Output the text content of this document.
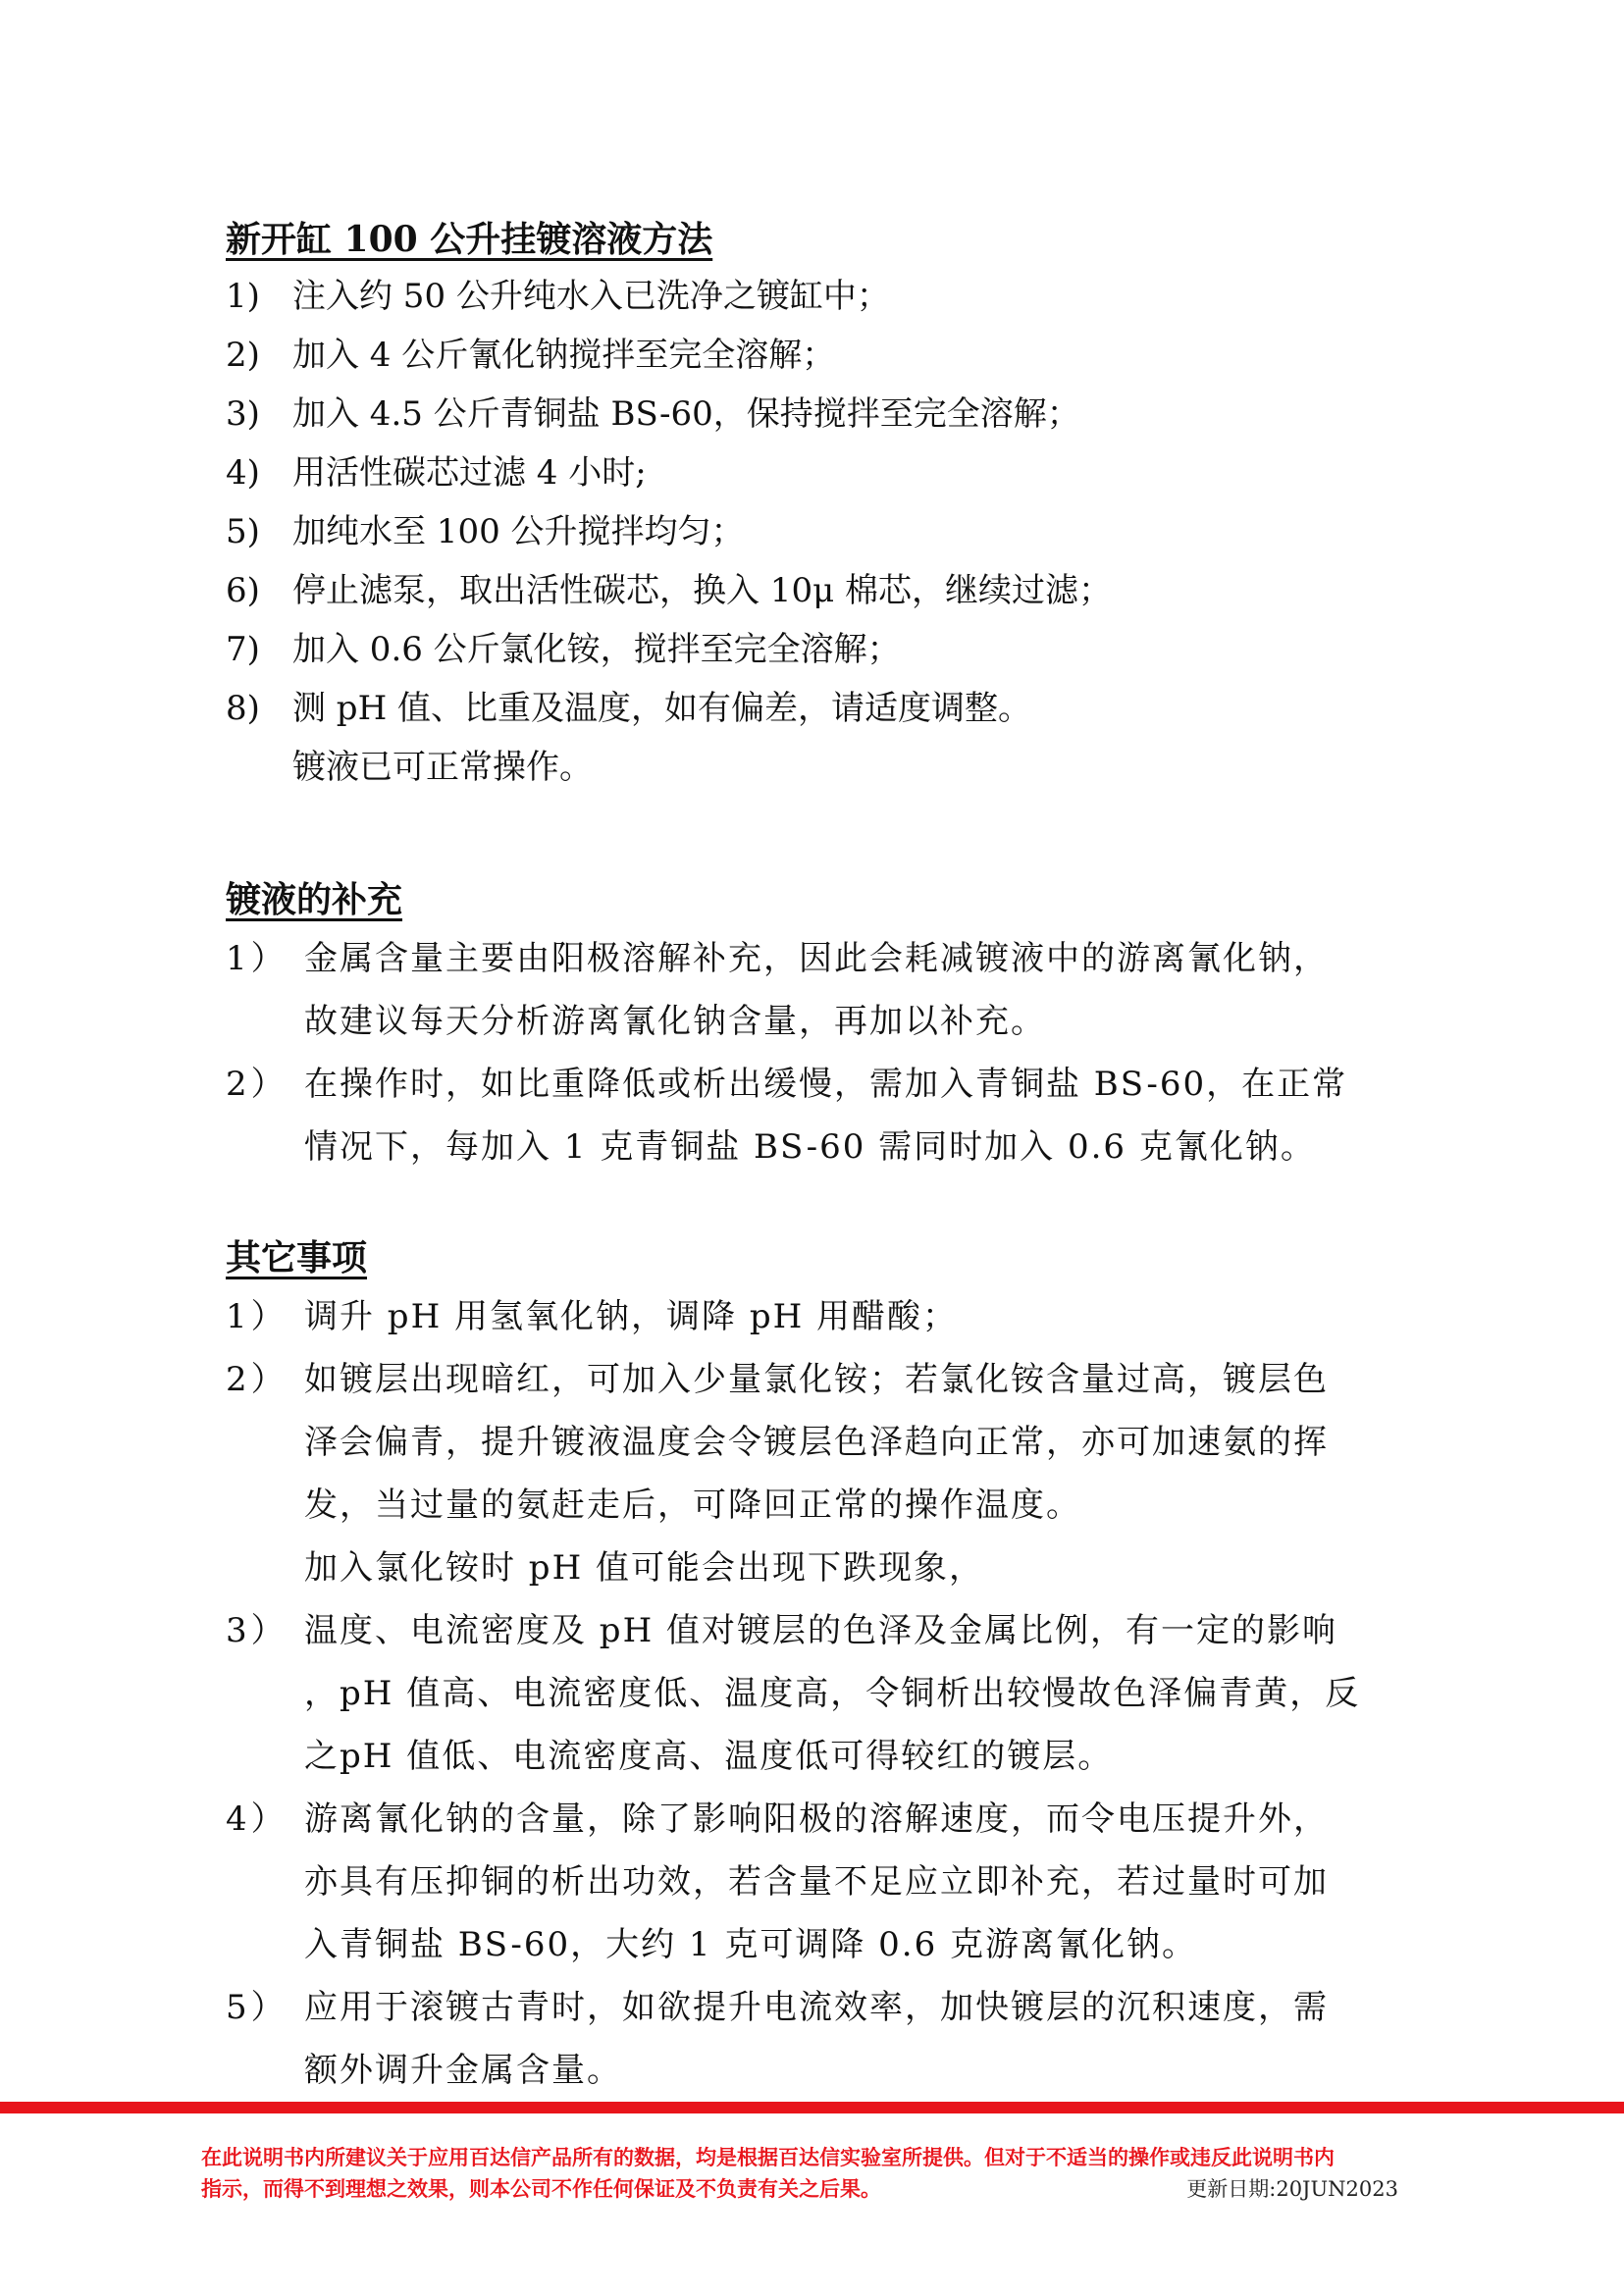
新开缸 100 公升挂镀溶液方法
1) 注入约 50 公升纯水入已洗净之镀缸中；
2) 加入 4 公斤氰化钠搅拌至完全溶解；
3) 加入 4.5 公斤青铜盐 BS-60，保持搅拌至完全溶解；
4) 用活性碳芯过滤 4 小时;
5) 加纯水至 100 公升搅拌均匀；
6) 停止滤泵，取出活性碳芯，换入 10μ 棉芯，继续过滤；
7) 加入 0.6 公斤氯化铵，搅拌至完全溶解；
8) 测 pH 值、比重及温度，如有偏差，请适度调整。
镀液已可正常操作。
镀液的补充
1） 金属含量主要由阳极溶解补充，因此会耗减镀液中的游离氰化钠，
故建议每天分析游离氰化钠含量，再加以补充。
2） 在操作时，如比重降低或析出缓慢，需加入青铜盐 BS-60，在正常
情况下，每加入 1 克青铜盐 BS-60 需同时加入 0.6 克氰化钠。
其它事项
1） 调升 pH 用氢氧化钠，调降 pH 用醋酸；
2） 如镀层出现暗红，可加入少量氯化铵；若氯化铵含量过高，镀层色
泽会偏青，提升镀液温度会令镀层色泽趋向正常，亦可加速氨的挥
发，当过量的氨赶走后，可降回正常的操作温度。
加入氯化铵时 pH 值可能会出现下跌现象，
3） 温度、电流密度及 pH 值对镀层的色泽及金属比例，有一定的影响
，pH 值高、电流密度低、温度高，令铜析出较慢故色泽偏青黄，反
之pH 值低、电流密度高、温度低可得较红的镀层。
4） 游离氰化钠的含量，除了影响阳极的溶解速度，而令电压提升外，
亦具有压抑铜的析出功效，若含量不足应立即补充，若过量时可加
入青铜盐 BS-60，大约 1 克可调降 0.6 克游离氰化钠。
5） 应用于滚镀古青时，如欲提升电流效率，加快镀层的沉积速度，需
额外调升金属含量。
在此说明书内所建议关于应用百达信产品所有的数据，均是根据百达信实验室所提供。但对于不适当的操作或违反此说明书内
指示，而得不到理想之效果，则本公司不作任何保证及不负责有关之后果。	更新日期:20JUN2023
